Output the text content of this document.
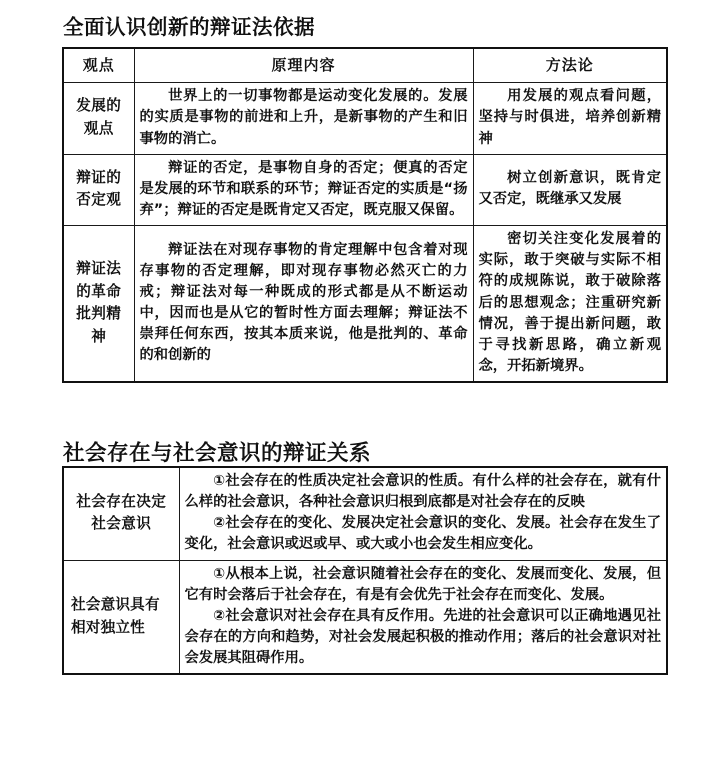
全面认识创新的辩证法依据
观点	原理内容	方法论
发展的观点	世界上的一切事物都是运动变化发展的。发展的实质是事物的前进和上升，是新事物的产生和旧事物的消亡。	用发展的观点看问题，坚持与时俱进，培养创新精神

辩证的否定观	辩证的否定，是事物自身的否定；便真的否定是发展的环节和联系的环节；辩证否定的实质是“扬弃”；辩证的否定是既肯定又否定，既克服又保留。	树立创新意识，既肯定又否定，既继承又发展

辩证法的革命批判精神	辩证法在对现存事物的肯定理解中包含着对现存事物的否定理解，即对现存事物必然灭亡的力戒；辩证法对每一种既成的形式都是从不断运动中，因而也是从它的暂时性方面去理解；辩证法不崇拜任何东西，按其本质来说，他是批判的、革命的和创新的	密切关注变化发展着的实际，敢于突破与实际不相符的成规陈说，敢于破除落后的思想观念；注重研究新情况，善于提出新问题，敢于寻找新思路，确立新观念，开拓新境界。

社会存在与社会意识的辩证关系
社会存在决定社会意识	①社会存在的性质决定社会意识的性质。有什么样的社会存在，就有什么样的社会意识，各种社会意识归根到底都是对社会存在的反映

②社会存在的变化、发展决定社会意识的变化、发展。社会存在发生了变化，社会意识或迟或早、或大或小也会发生相应变化。

社会意识具有相对独立性	①从根本上说，社会意识随着社会存在的变化、发展而变化、发展，但它有时会落后于社会存在，有是有会优先于社会存在而变化、发展。

②社会意识对社会存在具有反作用。先进的社会意识可以正确地遇见社会存在的方向和趋势，对社会发展起积极的推动作用；落后的社会意识对社会发展其阻碍作用。
